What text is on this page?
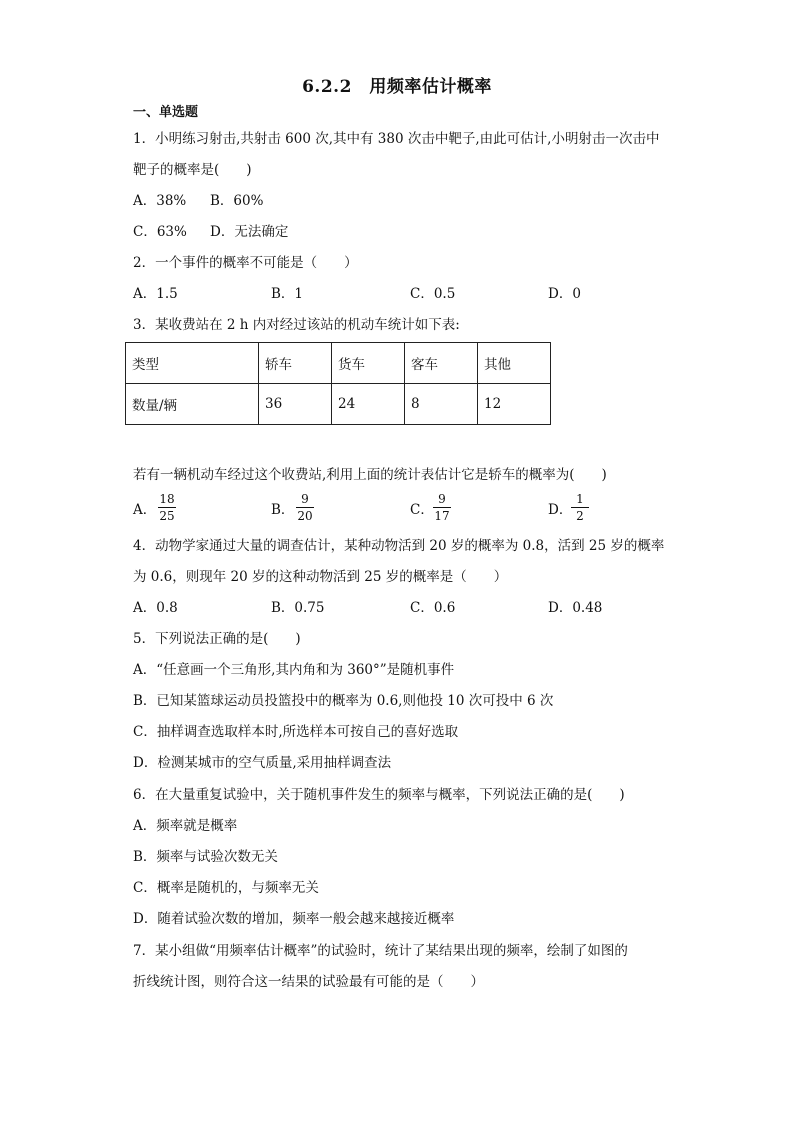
6.2.2　用频率估计概率
一、单选题
1．小明练习射击,共射击 600 次,其中有 380 次击中靶子,由此可估计,小明射击一次击中
靶子的概率是(　　)
A．38% B．60%
C．63% D．无法确定
2．一个事件的概率不可能是（　　）
A．1.5	B．1	C．0.5	D．0
3．某收费站在 2 h 内对经过该站的机动车统计如下表:
类型	轿车	货车	客车	其他
数量/辆	36	24	8	12
若有一辆机动车经过这个收费站,利用上面的统计表估计它是轿车的概率为(　　)
A．
18
25	B．
9
20	C．
9
17	D．
1
2
4．动物学家通过大量的调查估计，某种动物活到 20 岁的概率为 0.8，活到 25 岁的概率
为 0.6，则现年 20 岁的这种动物活到 25 岁的概率是（　　）
A．0.8	B．0.75	C．0.6	D．0.48
5．下列说法正确的是(　　)
A．“任意画一个三角形,其内角和为 360°”是随机事件
B．已知某篮球运动员投篮投中的概率为 0.6,则他投 10 次可投中 6 次
C．抽样调查选取样本时,所选样本可按自己的喜好选取
D．检测某城市的空气质量,采用抽样调查法
6．在大量重复试验中，关于随机事件发生的频率与概率，下列说法正确的是(　　)
A．频率就是概率
B．频率与试验次数无关
C．概率是随机的，与频率无关
D．随着试验次数的增加，频率一般会越来越接近概率
7．某小组做“用频率估计概率”的试验时，统计了某结果出现的频率，绘制了如图的
折线统计图，则符合这一结果的试验最有可能的是（　　）
